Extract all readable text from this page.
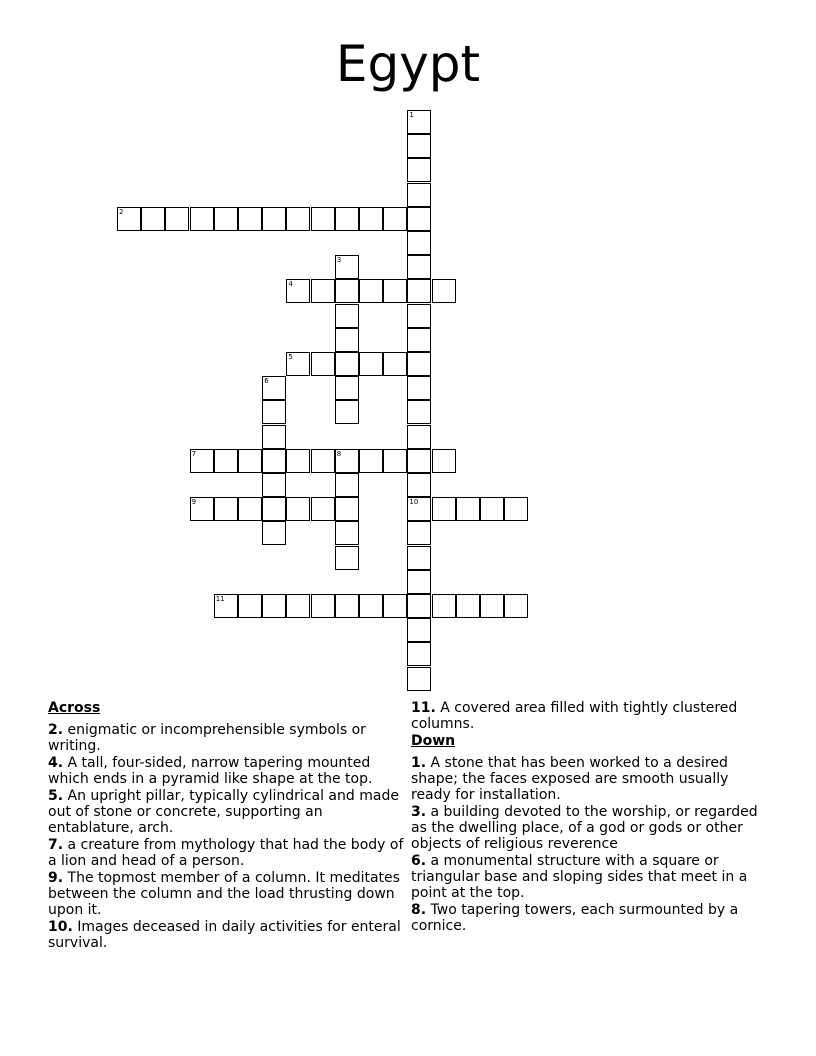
Egypt
1
10
2
3
4
5
6
7	8
9
11
Across
2. enigmatic or incomprehensible symbols or writing.
4. A tall, four-sided, narrow tapering mounted which ends in a pyramid like shape at the top.
5. An upright pillar, typically cylindrical and made out of stone or concrete, supporting an entablature, arch.
7. a creature from mythology that had the body of a lion and head of a person.
9. The topmost member of a column. It meditates between the column and the load thrusting down upon it.
10. Images deceased in daily activities for enteral survival.
11. A covered area filled with tightly clustered columns.
Down
1. A stone that has been worked to a desired shape; the faces exposed are smooth usually ready for installation.
3. a building devoted to the worship, or regarded as the dwelling place, of a god or gods or other objects of religious reverence
6. a monumental structure with a square or triangular base and sloping sides that meet in a point at the top.
8. Two tapering towers, each surmounted by a cornice.
